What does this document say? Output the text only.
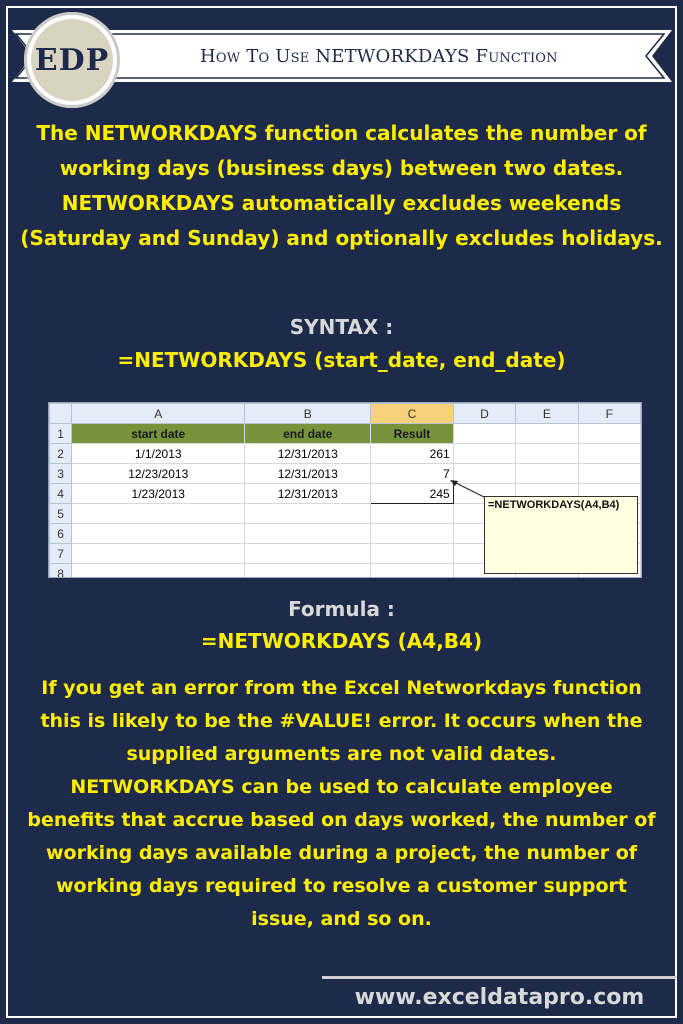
EDP	How To Use NETWORKDAYS Function
The NETWORKDAYS function calculates the number of working days (business days) between two dates. NETWORKDAYS automatically excludes weekends (Saturday and Sunday) and optionally excludes holidays.
SYNTAX :
=NETWORKDAYS (start_date, end_date)
	A	B	C	D	E	F
1	start date	end date	Result			
2	1/1/2013	12/31/2013	261			
3	12/23/2013	12/31/2013	7			
4	1/23/2013	12/31/2013	245			
5						
6						
7						
8						
=NETWORKDAYS(A4,B4)
Formula :
=NETWORKDAYS (A4,B4)
If you get an error from the Excel Networkdays function this is likely to be the #VALUE! error. It occurs when the supplied arguments are not valid dates.
NETWORKDAYS can be used to calculate employee benefits that accrue based on days worked, the number of working days available during a project, the number of working days required to resolve a customer support issue, and so on.
www.exceldatapro.com
